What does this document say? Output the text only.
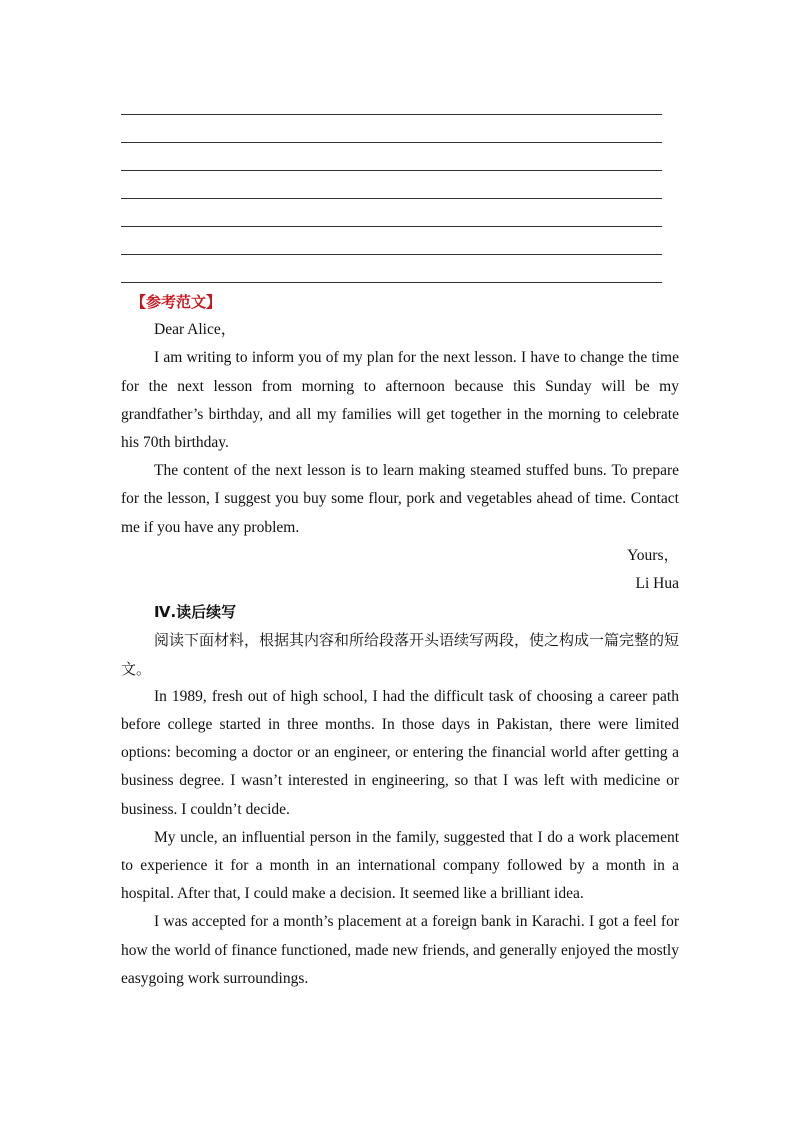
【参考范文】
Dear Alice，

I am writing to inform you of my plan for the next lesson. I have to change the time for the next lesson from morning to afternoon because this Sunday will be my grandfather’s birthday, and all my families will get together in the morning to celebrate his 70th birthday.

The content of the next lesson is to learn making steamed stuffed buns. To prepare for the lesson, I suggest you buy some flour, pork and vegetables ahead of time. Contact me if you have any problem.

Yours，
Li Hua
Ⅳ.读后续写

阅读下面材料，根据其内容和所给段落开头语续写两段，使之构成一篇完整的短文。

In 1989, fresh out of high school, I had the difficult task of choosing a career path before college started in three months. In those days in Pakistan, there were limited options: becoming a doctor or an engineer, or entering the financial world after getting a business degree. I wasn’t interested in engineering, so that I was left with medicine or business. I couldn’t decide.

My uncle, an influential person in the family, suggested that I do a work placement to experience it for a month in an international company followed by a month in a hospital. After that, I could make a decision. It seemed like a brilliant idea.

I was accepted for a month’s placement at a foreign bank in Karachi. I got a feel for how the world of finance functioned, made new friends, and generally enjoyed the mostly easygoing work surroundings.
